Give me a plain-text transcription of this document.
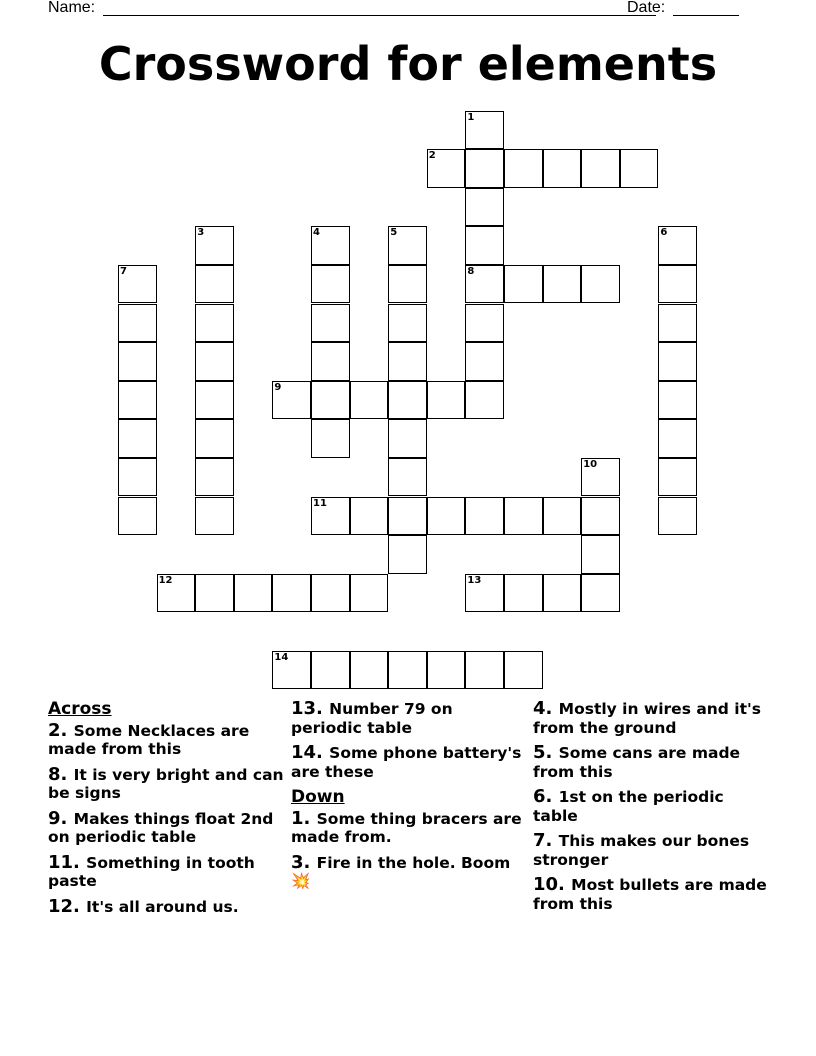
Name:	Date:
Crossword for elements
1
8
2
3	4	5	6
7
9
10
11
12	13
14
Across
2. Some Necklaces are made from this
8. It is very bright and can be signs
9. Makes things float 2nd on periodic table
11. Something in tooth paste
12. It's all around us.
13. Number 79 on periodic table
14. Some phone battery's are these
Down
1. Some thing bracers are made from.
3. Fire in the hole. Boom 💥
4. Mostly in wires and it's from the ground
5. Some cans are made from this
6. 1st on the periodic table
7. This makes our bones stronger
10. Most bullets are made from this
